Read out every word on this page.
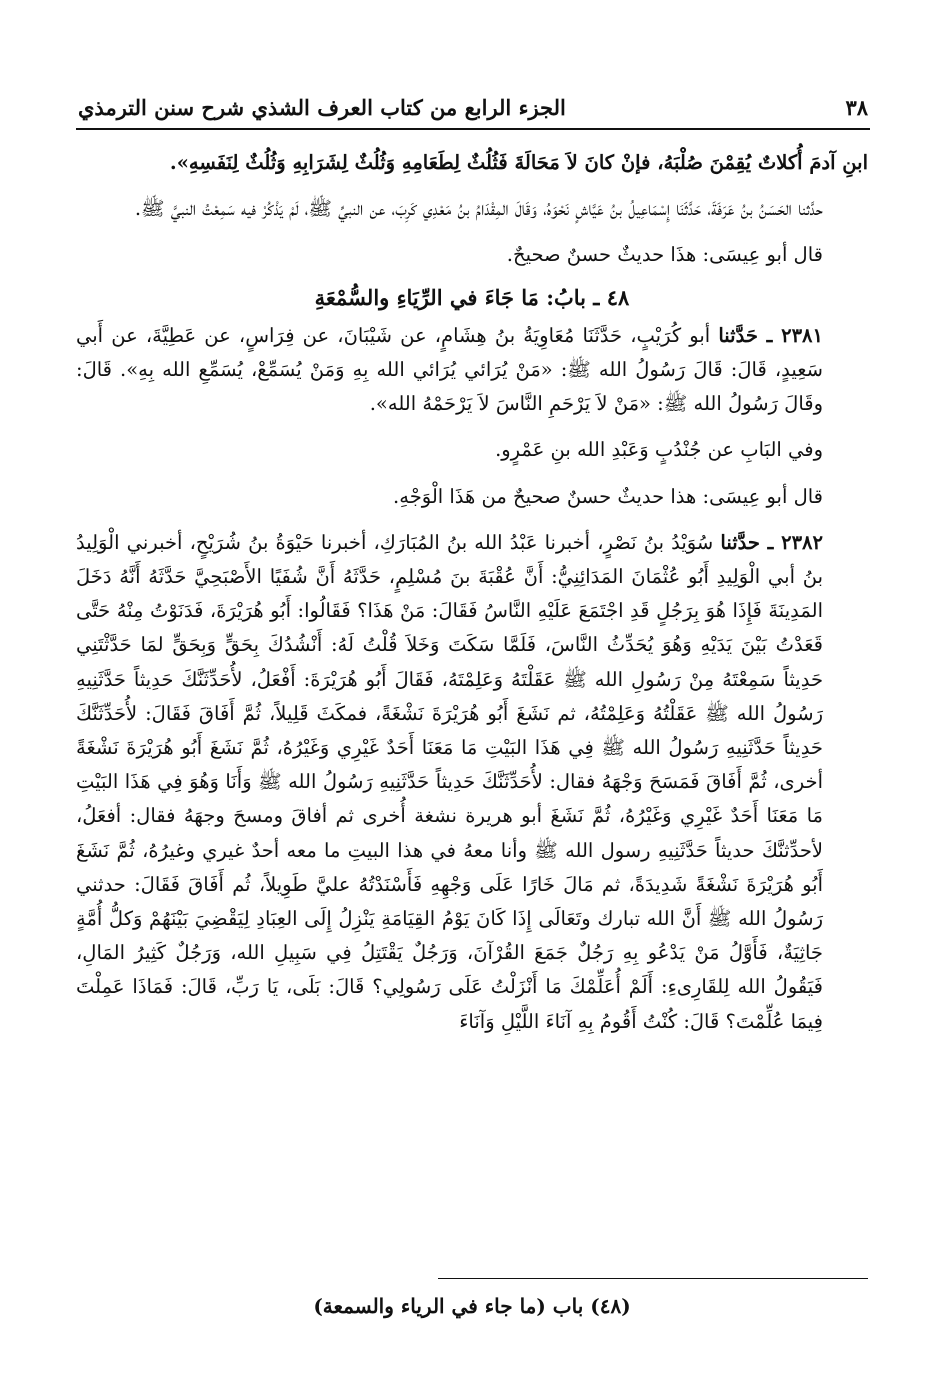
٣٨
الجزء الرابع من كتاب العرف الشذي شرح سنن الترمذي

ابنِ آدمَ أُكلاتٌ يُقِمْنَ صُلْبَهُ، فإنْ كانَ لاَ مَحَالَةَ فَثُلُثٌ لِطَعَامِهِ وَثُلُثٌ لِشَرَابِهِ وَثُلُثٌ لِنَفَسِهِ».

حدَّثنا الحَسَنُ بنُ عَرَفَةَ، حَدَّثَنَا إِسْمَاعِيلُ بنُ عَيَّاشٍ نَحْوَهُ، وَقَالَ المِقْدَامُ بنُ مَعْدِي كَرِبَ، عن النبيِّ ﷺ، لَمْ يَذْكُرْ فيه سَمِعْتُ النبيَّ ﷺ.

قال أبو عِيسَى: هذَا حديثٌ حسنٌ صحيحٌ.

٤٨ ـ بابُ: مَا جَاءَ في الرِّيَاءِ والسُّمْعَةِ

٢٣٨١ ـ حَدَّثنا أبو كُرَيْبٍ، حَدَّثَنَا مُعَاوِيَةُ بنُ هِشَامٍ، عن شَيْبَانَ، عن فِرَاسٍ، عن عَطِيَّةَ، عن أَبي سَعِيدٍ، قَالَ: قَالَ رَسُولُ الله ﷺ: «مَنْ يُرَائي يُرَائي الله بِهِ وَمَنْ يُسَمِّعْ، يُسَمِّعِ الله بِهِ». قَالَ: وقَالَ رَسُولُ الله ﷺ: «مَنْ لاَ يَرْحَمِ النَّاسَ لاَ يَرْحَمْهُ الله».

وفي البَابِ عن جُنْدُبٍ وَعَبْدِ الله بنِ عَمْرٍو.

قال أبو عِيسَى: هذا حديثٌ حسنٌ صحيحٌ من هَذَا الْوَجْهِ.

٢٣٨٢ ـ حدَّثنا سُوَيْدُ بنُ نَصْرٍ، أخبرنا عَبْدُ الله بنُ المُبَارَكِ، أخبرنا حَيْوَةُ بنُ شُرَيْحٍ، أخبرني الْوَلِيدُ بنُ أبي الْوَلِيدِ أَبُو عُثْمَانَ المَدَائِنِيُّ: أَنَّ عُقْبَةَ بنَ مُسْلِمٍ، حَدَّثَهُ أَنَّ شُفَيًا الأَصْبَحِيَّ حَدَّثَهُ أَنَّهُ دَخَلَ المَدِينَةَ فَإِذَا هُوَ بِرَجُلٍ قَدِ اجْتَمَعَ عَلَيْهِ النَّاسُ فَقَالَ: مَنْ هَذَا؟ فَقَالُوا: أَبُو هُرَيْرَةَ، فَدَنَوْتُ مِنْهُ حَتَّى قَعَدْتُ بَيْنَ يَدَيْهِ وَهُوَ يُحَدِّثُ النَّاسَ، فَلَمَّا سَكَتَ وَخَلاَ قُلْتُ لَهُ: أَنْشُدُكَ بِحَقٍّ وَبِحَقٍّ لمَا حَدَّثْتَنِي حَدِيثاً سَمِعْتَهُ مِنْ رَسُولِ الله ﷺ عَقَلْتَهُ وَعَلِمْتَهُ، فَقَالَ أَبُو هُرَيْرَةَ: أَفْعَلُ، لأُحَدِّثَنَّكَ حَدِيثاً حَدَّثَنِيهِ رَسُولُ الله ﷺ عَقَلْتُهُ وَعَلِمْتُهُ، ثم نَشَغَ أَبُو هُرَيْرَةَ نَشْغَةً، فمكَثَ قَلِيلاً، ثُمَّ أَفَاقَ فَقَالَ: لأُحَدِّثَنَّكَ حَدِيثاً حَدَّثَنِيهِ رَسُولُ الله ﷺ فِي هَذَا البَيْتِ مَا مَعَنَا أَحَدٌ غَيْرِي وَغَيْرُهُ، ثُمَّ نَشَغَ أَبُو هُرَيْرَةَ نَشْغَةً أخرى، ثُمَّ أَفَاقَ فَمَسَحَ وَجْهَهُ فقال: لأُحَدِّثَنَّكَ حَدِيثاً حَدَّثَنِيهِ رَسُولُ الله ﷺ وَأَنَا وَهُوَ فِي هَذَا البَيْتِ مَا مَعَنَا أَحَدٌ غَيْرِي وَغَيْرُهُ، ثُمَّ نَشَغَ أبو هريرة نشغة أُخرى ثم أفاقَ ومسحَ وجهَهُ فقال: أفعَلُ، لأحدِّثنَّكَ حديثاً حَدَّثَنِيهِ رسول الله ﷺ وأنا معهُ في هذا البيتِ ما معه أحدٌ غيري وغيرُهُ، ثُمَّ نَشَغَ أَبُو هُرَيْرَةَ نَشْغَةً شَدِيدَةً، ثم مَالَ خَارًا عَلَى وَجْهِهِ فَأَسْنَدْتُهُ عليَّ طَوِيلاً، ثُم أَفَاقَ فَقَالَ: حدثني رَسُولُ الله ﷺ أَنَّ الله تبارك وتَعَالَى إِذَا كَانَ يَوْمُ القِيَامَةِ يَنْزِلُ إِلَى العِبَادِ لِيَقْضِيَ بَيْنَهُمْ وَكلُّ أُمَّةٍ جَاثِيَةٌ، فَأَوَّلُ مَنْ يَدْعُو بِهِ رَجُلٌ جَمَعَ القُرْآنَ، وَرَجُلٌ يَقْتَتِلُ فِي سَبِيلِ الله، وَرَجُلٌ كَثِيرُ المَالِ، فَيَقُولُ الله لِلقَارِىءِ: أَلَمْ أُعَلِّمْكَ مَا أَنْزَلْتُ عَلَى رَسُولِي؟ قَالَ: بَلَى، يَا رَبِّ، قَالَ: فَمَاذَا عَمِلْتَ فِيمَا عُلِّمْتَ؟ قَالَ: كُنْتُ أَقُومُ بِهِ آنَاءَ اللَّيْلِ وَآنَاءَ

(٤٨) باب (ما جاء في الرياء والسمعة)
